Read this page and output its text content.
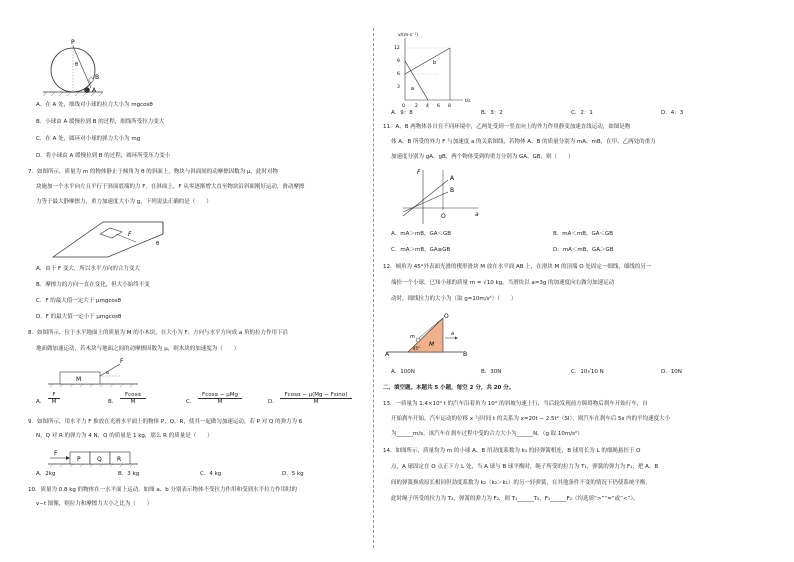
P
B
A
θ
A．在 A 处，细线对小球的拉力大小为 mgcosθ
B．小球由 A 缓慢拉到 B 的过程，细线所受拉力变大
C．在 A 处，圆环对小球的弹力大小为 mg
D．将小球由 A 缓慢拉到 B 的过程，圆环所受压力变小
7．如图所示，质量为 m 的物体静止于倾角为 θ 的斜面上，物块与斜面间的动摩擦因数为 μ，此时对物
块施加一个水平向左且平行于斜面底端的力 F，在斜面上，F 从零逐渐增大直至物块沿斜面刚好运动，滑动摩擦
力等于最大静摩擦力，重力加速度大小为 g，下列说法正确的是（　　）
F
θ
A．由于 F 变大，所以水平方向的合力变大
B．摩擦力的方向一直在变化，但大小始终不变
C．F 的最大值一定大于 μmgcosθ
D．F 的最大值一定小于 μmgcosθ
8．如图所示，位于水平地面上的质量为 M 的小木块，在大小为 F、方向与水平方向成 a 角的拉力作用下沿
地面做加速运动，若木块与地面之间的动摩擦因数为 μ，则木块的加速度为（　　）
F
M
α
A． $\frac{F}{M}$	B． $\frac{Fcos\alpha}{M}$	C．
Fcosα − μMg
M	D． $\frac{Fcos\alpha - \mu(Mg - Fsin\alpha)}{M}$
9．如图所示，用水平力 F 推放在光滑水平面上的物体 P、Q、R，使其一起做匀加速运动，若 P 对 Q 的弹力为 6
N，Q 对 R 的弹力为 4 N，Q 的质量是 1 kg，那么 R 的质量是（　　）
F
P	Q	R
A．2kg	B．3 kg	C．4 kg	D．5 kg
10．质量为 0.8 kg 的物体在一水平面上运动，如图 a、b 分别表示物体不受拉力作用和受到水平拉力作用时的
v−t 图像，则拉力和摩擦力大小之比为（　　）
v/(m·s⁻¹)
t/s
12
9
6
3
0 2 4 6 8
a
b
A．9：8	B．3：2	C．2：1	D．4：3
11．A、B 两物体各自在不同环境中，乙两处受到一竖直向上的外力作用静变加速直线运动，如图是物
体 A、B 所受的外力 F 与加速度 a 的关系图线，若物体 A、B 的质量分别为 mA、mB，在甲、乙两处的重力
加速度分别为 gA、gB，两个物体受到的重力分别为 GA、GB，则（　　）
F
a
O
A
B
A．mA＞mB，GA＜GB	B．mA＜mB，GA＜GB
C．mA＞mB，GA≥GB	D．mA＜mB，GA＞GB
12．倾角为 45°外表面光滑的楔形滑块 M 放在水平面 AB 上，在滑块 M 的顶端 O 处固定一细线，细线的另一
端拴一个小球，已知小球的质量 m = √10 kg，当滑块以 a=3g 的加速度向右做匀加速运动
动时，细线拉力的大小为（取 g=10m/s²）（　　）
A	B
O
m
M
a
45°
A．100N	B．30N	C．10√10 N	D．10N
二、填空题。本题共 5 小题，每空 2 分，共 20 分。
13．一质量为 1.4×10⁴ t 的汽车沿着角为 10° 的斜坡匀速上行，当后轮发现前方障碍物后刹车开始行车，自
开始刹车开始，汽车运动的位移 x 与时间 t 的关系为 x=20t − 2.5t²（SI），则汽车在刹车后 5s 内的平均速度大小
为______m/s，该汽车在刹车过程中受的合力大小为______N。（g 取 10m/s²）
14．如图所示，质量均为 m 的小球 A、B 用劲度系数为 k₁ 的轻弹簧相连，B 球用长为 L 的细绳悬挂于 O
点，A 球固定在 O 点正下方 L 处，当 A 球与 B 球平衡时，绳子所受的拉力为 T₁，弹簧的弹力为 F₁；把 A、B
间的弹簧换成原长相同但劲度系数为 k₂（k₂＞k₁）的另一轻弹簧，在其他条件不变的情况下仍使系统平衡，
此时绳子所受的拉力为 T₂，弹簧的弹力为 F₂，则 T₁______T₂，F₁______F₂（均选填“>”“=”或“<”）。
